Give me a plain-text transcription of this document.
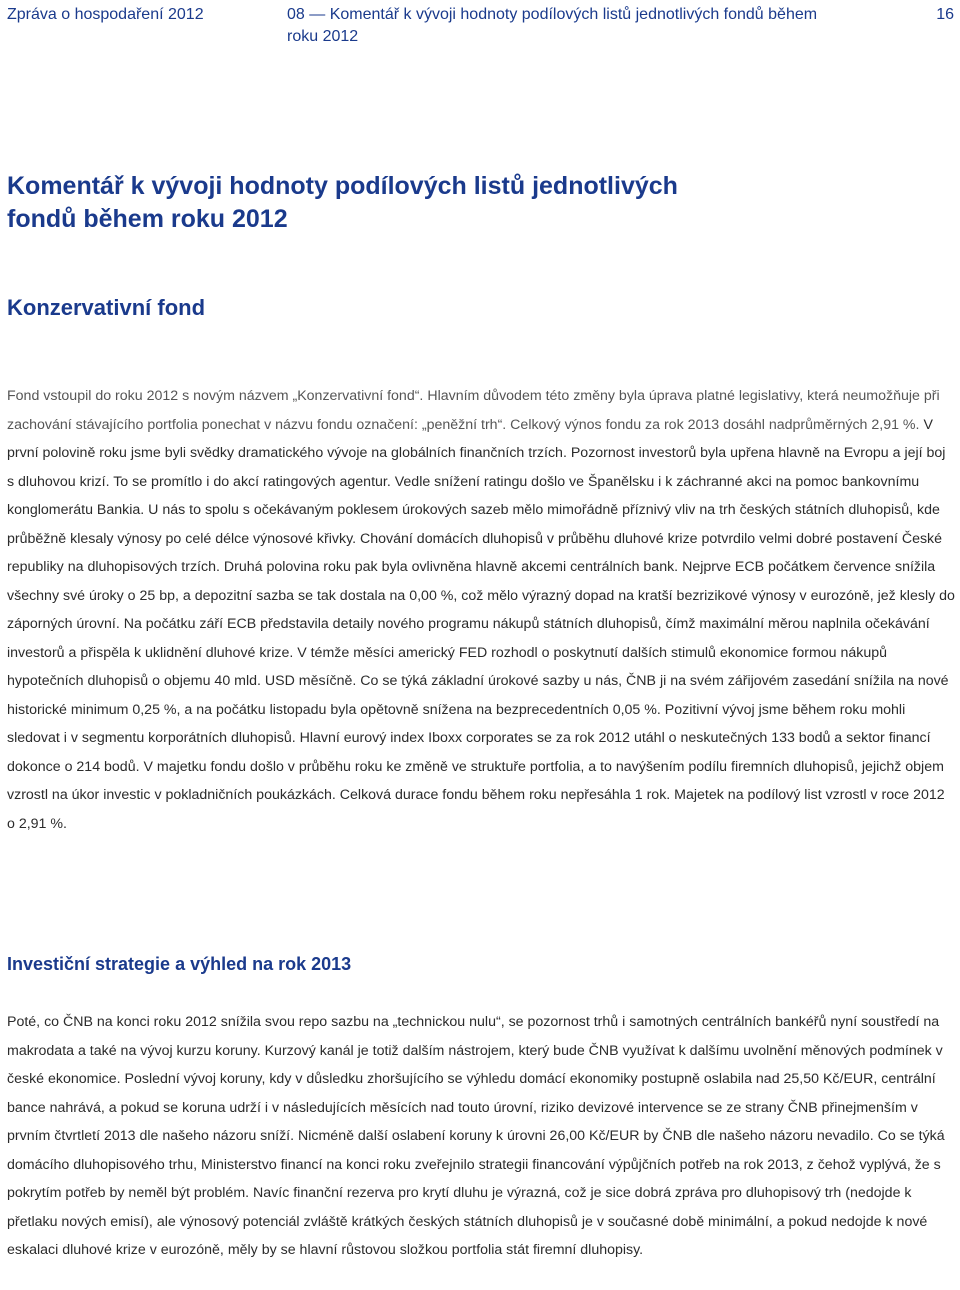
Zpráva o hospodaření 2012	08 — Komentář k vývoji hodnoty podílových listů jednotlivých fondů během roku 2012
16
Komentář k vývoji hodnoty podílových listů jednotlivých fondů během roku 2012
Konzervativní fond

Fond vstoupil do roku 2012 s novým názvem „Konzervativní fond“. Hlavním důvodem této změny byla úprava platné legislativy, která neumožňuje při zachování stávajícího portfolia ponechat v názvu fondu označení: „peněžní trh“. Celkový výnos fondu za rok 2013 dosáhl nadprůměrných 2,91 %. V první polovině roku jsme byli svědky dramatického vývoje na globálních finančních trzích. Pozornost investorů byla upřena hlavně na Evropu a její boj s dluhovou krizí. To se promítlo i do akcí ratingových agentur. Vedle snížení ratingu došlo ve Španělsku i k záchranné akci na pomoc bankovnímu konglomerátu Bankia. U nás to spolu s očekávaným poklesem úrokových sazeb mělo mimořádně příznivý vliv na trh českých státních dluhopisů, kde průběžně klesaly výnosy po celé délce výnosové křivky. Chování domácích dluhopisů v průběhu dluhové krize potvrdilo velmi dobré postavení České republiky na dluhopisových trzích. Druhá polovina roku pak byla ovlivněna hlavně akcemi centrálních bank. Nejprve ECB počátkem července snížila všechny své úroky o 25 bp, a depozitní sazba se tak dostala na 0,00 %, což mělo výrazný dopad na kratší bezrizikové výnosy v eurozóně, jež klesly do záporných úrovní. Na počátku září ECB představila detaily nového programu nákupů státních dluhopisů, čímž maximální měrou naplnila očekávání investorů a přispěla k uklidnění dluhové krize. V témže měsíci americký FED rozhodl o poskytnutí dalších stimulů ekonomice formou nákupů hypotečních dluhopisů o objemu 40 mld. USD měsíčně. Co se týká základní úrokové sazby u nás, ČNB ji na svém zářijovém zasedání snížila na nové historické minimum 0,25 %, a na počátku listopadu byla opětovně snížena na bezprecedentních 0,05 %. Pozitivní vývoj jsme během roku mohli sledovat i v segmentu korporátních dluhopisů. Hlavní eurový index Iboxx corporates se za rok 2012 utáhl o neskutečných 133 bodů a sektor financí dokonce o 214 bodů. V majetku fondu došlo v průběhu roku ke změně ve struktuře portfolia, a to navýšením podílu firemních dluhopisů, jejichž objem vzrostl na úkor investic v pokladničních poukázkách. Celková durace fondu během roku nepřesáhla 1 rok. Majetek na podílový list vzrostl v roce 2012 o 2,91 %.

Investiční strategie a výhled na rok 2013

Poté, co ČNB na konci roku 2012 snížila svou repo sazbu na „technickou nulu“, se pozornost trhů i samotných centrálních bankéřů nyní soustředí na makrodata a také na vývoj kurzu koruny. Kurzový kanál je totiž dalším nástrojem, který bude ČNB využívat k dalšímu uvolnění měnových podmínek v české ekonomice. Poslední vývoj koruny, kdy v důsledku zhoršujícího se výhledu domácí ekonomiky postupně oslabila nad 25,50 Kč/EUR, centrální bance nahrává, a pokud se koruna udrží i v následujících měsících nad touto úrovní, riziko devizové intervence se ze strany ČNB přinejmenším v prvním čtvrtletí 2013 dle našeho názoru sníží. Nicméně další oslabení koruny k úrovni 26,00 Kč/EUR by ČNB dle našeho názoru nevadilo. Co se týká domácího dluhopisového trhu, Ministerstvo financí na konci roku zveřejnilo strategii financování výpůjčních potřeb na rok 2013, z čehož vyplývá, že s pokrytím potřeb by neměl být problém. Navíc finanční rezerva pro krytí dluhu je výrazná, což je sice dobrá zpráva pro dluhopisový trh (nedojde k přetlaku nových emisí), ale výnosový potenciál zvláště krátkých českých státních dluhopisů je v současné době minimální, a pokud nedojde k nové eskalaci dluhové krize v eurozóně, měly by se hlavní růstovou složkou portfolia stát firemní dluhopisy.
